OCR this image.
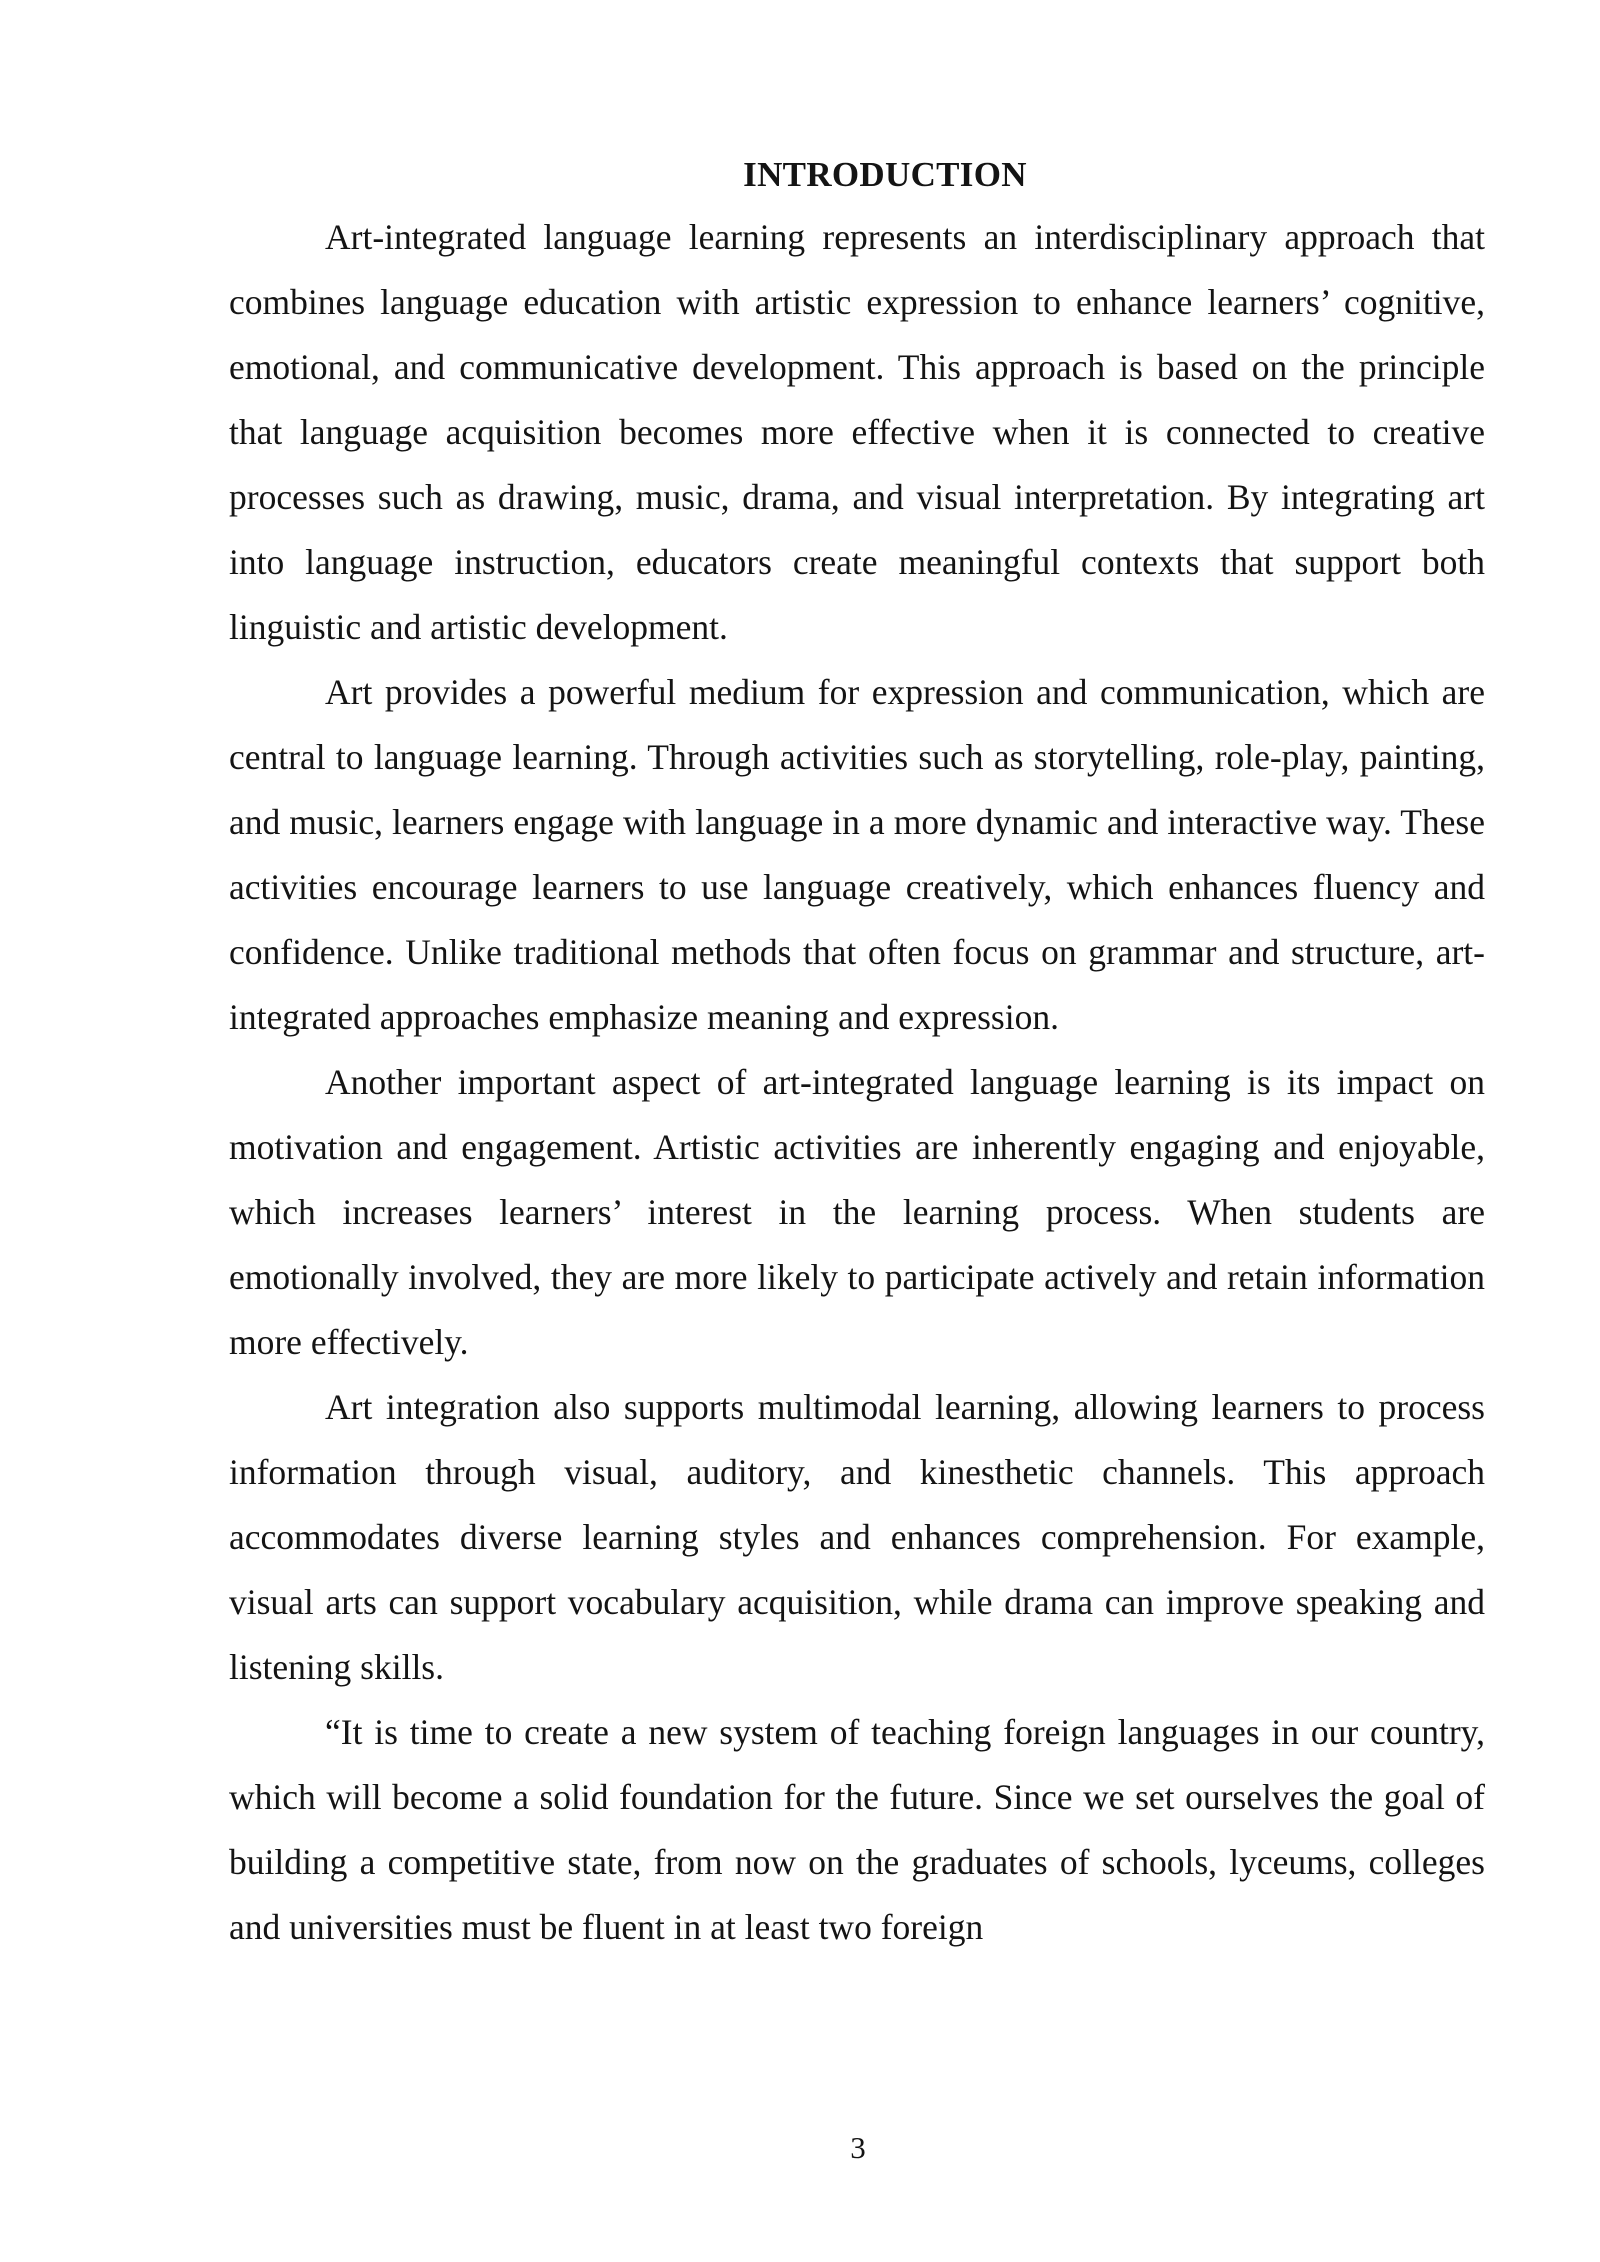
INTRODUCTION

Art-integrated language learning represents an interdisciplinary approach that combines language education with artistic expression to enhance learners’ cognitive, emotional, and communicative development. This approach is based on the principle that language acquisition becomes more effective when it is connected to creative processes such as drawing, music, drama, and visual interpretation. By integrating art into language instruction, educators create meaningful contexts that support both linguistic and artistic development.

Art provides a powerful medium for expression and communication, which are central to language learning. Through activities such as storytelling, role-play, painting, and music, learners engage with language in a more dynamic and interactive way. These activities encourage learners to use language creatively, which enhances fluency and confidence. Unlike traditional methods that often focus on grammar and structure, art-integrated approaches emphasize meaning and expression.

Another important aspect of art-integrated language learning is its impact on motivation and engagement. Artistic activities are inherently engaging and enjoyable, which increases learners’ interest in the learning process. When students are emotionally involved, they are more likely to participate actively and retain information more effectively.

Art integration also supports multimodal learning, allowing learners to process information through visual, auditory, and kinesthetic channels. This approach accommodates diverse learning styles and enhances comprehension. For example, visual arts can support vocabulary acquisition, while drama can improve speaking and listening skills.

“It is time to create a new system of teaching foreign languages in our country, which will become a solid foundation for the future. Since we set ourselves the goal of building a competitive state, from now on the graduates of schools, lyceums, colleges and universities must be fluent in at least two foreign

3
